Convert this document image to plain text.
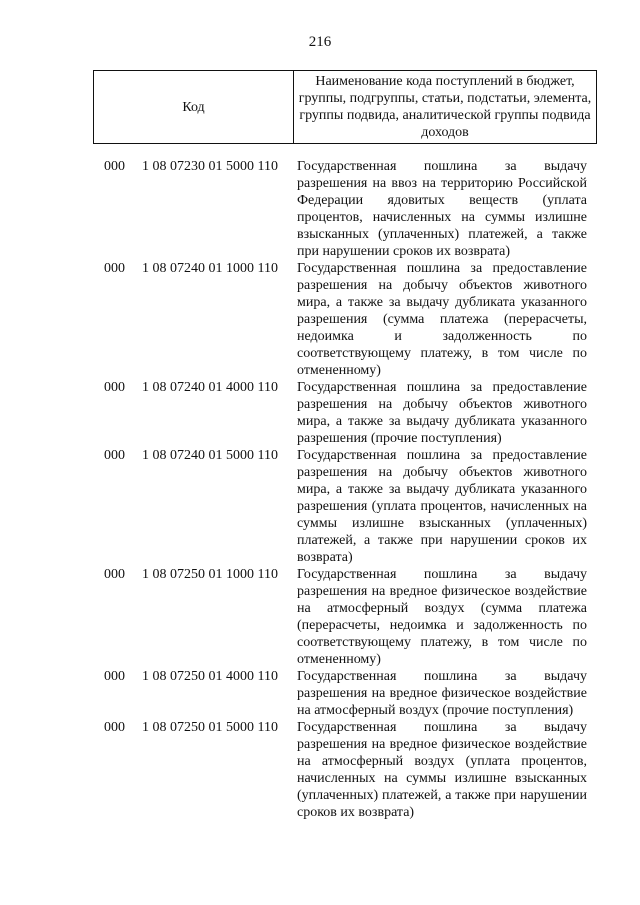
216
Код
Наименование кода поступлений в бюджет, группы, подгруппы, статьи, подстатьи, элемента, группы подвида, аналитической группы подвида доходов
000 1 08 07230 01 5000 110 Государственная пошлина за выдачу разрешения на ввоз на территорию Российской Федерации ядовитых веществ (уплата процентов, начисленных на суммы излишне взысканных (уплаченных) платежей, а также при нарушении сроков их возврата)
000 1 08 07240 01 1000 110 Государственная пошлина за предоставление разрешения на добычу объектов животного мира, а также за выдачу дубликата указанного разрешения (сумма платежа (перерасчеты, недоимка и задолженность по соответствующему платежу, в том числе по отмененному)
000 1 08 07240 01 4000 110 Государственная пошлина за предоставление разрешения на добычу объектов животного мира, а также за выдачу дубликата указанного разрешения (прочие поступления)
000 1 08 07240 01 5000 110 Государственная пошлина за предоставление разрешения на добычу объектов животного мира, а также за выдачу дубликата указанного разрешения (уплата процентов, начисленных на суммы излишне взысканных (уплаченных) платежей, а также при нарушении сроков их возврата)
000 1 08 07250 01 1000 110 Государственная пошлина за выдачу разрешения на вредное физическое воздействие на атмосферный воздух (сумма платежа (перерасчеты, недоимка и задолженность по соответствующему платежу, в том числе по отмененному)
000 1 08 07250 01 4000 110 Государственная пошлина за выдачу разрешения на вредное физическое воздействие на атмосферный воздух (прочие поступления)
000 1 08 07250 01 5000 110 Государственная пошлина за выдачу разрешения на вредное физическое воздействие на атмосферный воздух (уплата процентов, начисленных на суммы излишне взысканных (уплаченных) платежей, а также при нарушении сроков их возврата)
